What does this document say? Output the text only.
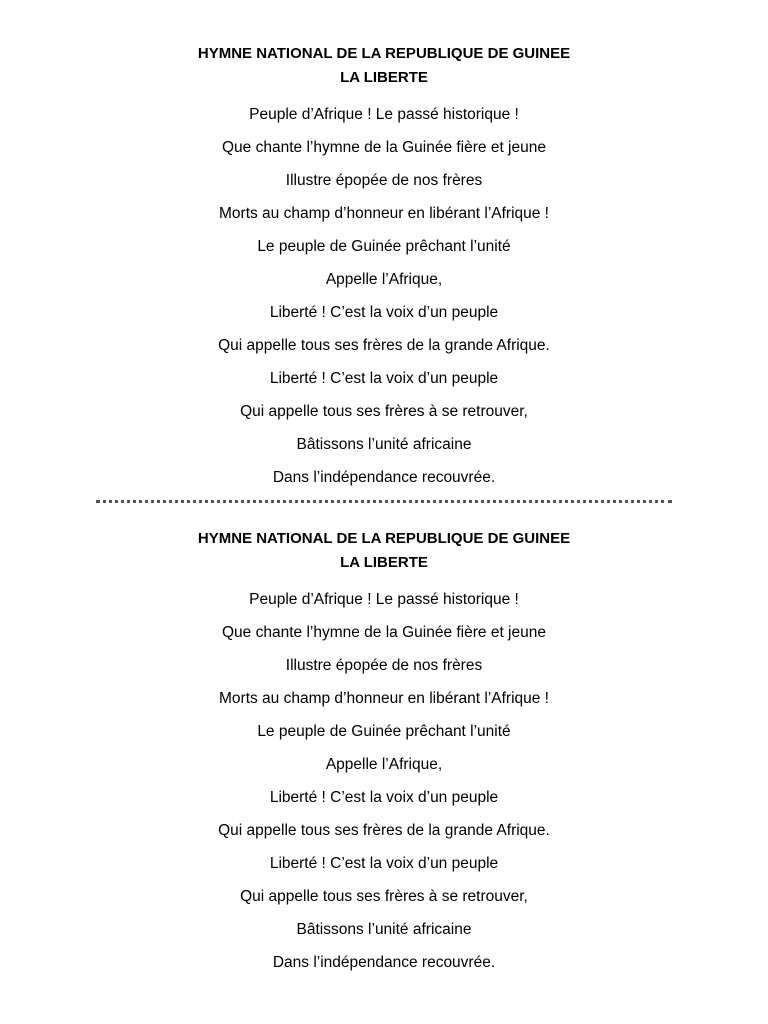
HYMNE NATIONAL DE LA REPUBLIQUE DE GUINEE

LA LIBERTE

Peuple d’Afrique ! Le passé historique !

Que chante l’hymne de la Guinée fière et jeune

Illustre épopée de nos frères

Morts au champ d’honneur en libérant l’Afrique !

Le peuple de Guinée prêchant l’unité

Appelle l’Afrique,

Liberté ! C’est la voix d’un peuple

Qui appelle tous ses frères de la grande Afrique.

Liberté ! C’est la voix d’un peuple

Qui appelle tous ses frères à se retrouver,

Bâtissons l’unité africaine

Dans l’indépendance recouvrée.

HYMNE NATIONAL DE LA REPUBLIQUE DE GUINEE

LA LIBERTE

Peuple d’Afrique ! Le passé historique !

Que chante l’hymne de la Guinée fière et jeune

Illustre épopée de nos frères

Morts au champ d’honneur en libérant l’Afrique !

Le peuple de Guinée prêchant l’unité

Appelle l’Afrique,

Liberté ! C’est la voix d’un peuple

Qui appelle tous ses frères de la grande Afrique.

Liberté ! C’est la voix d’un peuple

Qui appelle tous ses frères à se retrouver,

Bâtissons l’unité africaine

Dans l’indépendance recouvrée.
